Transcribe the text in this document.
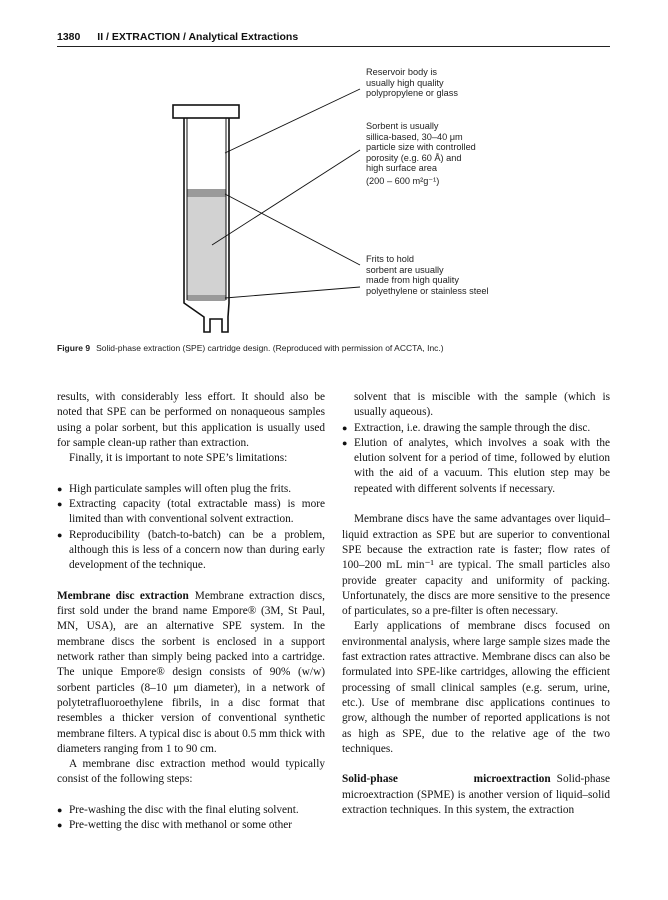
1380 II / EXTRACTION / Analytical Extractions
Reservoir body is
usually high quality
polypropylene or glass
Sorbent is usually
sillica-based, 30–40 μm
particle size with controlled
porosity (e.g. 60 Å) and
high surface area
(200 – 600 m²g⁻¹)
Frits to hold
sorbent are usually
made from high quality
polyethylene or stainless steel
Figure 9 Solid-phase extraction (SPE) cartridge design. (Reproduced with permission of ACCTA, Inc.)

results, with considerably less effort. It should also be noted that SPE can be performed on nonaqueous samples using a polar sorbent, but this application is usually used for sample clean-up rather than extraction.

Finally, it is important to note SPE’s limitations:

● High particulate samples will often plug the frits.

● Extracting capacity (total extractable mass) is more limited than with conventional solvent extraction.

● Reproducibility (batch-to-batch) can be a problem, although this is less of a concern now than during early development of the technique.

Membrane disc extraction Membrane extraction discs, first sold under the brand name Empore® (3M, St Paul, MN, USA), are an alternative SPE system. In the membrane discs the sorbent is enclosed in a support network rather than simply being packed into a cartridge. The unique Empore® design consists of 90% (w/w) sorbent particles (8–10 μm diameter), in a network of polytetrafluoroethylene fibrils, in a disc format that resembles a thicker version of conventional synthetic membrane filters. A typical disc is about 0.5 mm thick with diameters ranging from 1 to 90 cm.

A membrane disc extraction method would typically consist of the following steps:

● Pre-washing the disc with the final eluting solvent.

● Pre-wetting the disc with methanol or some other

solvent that is miscible with the sample (which is usually aqueous).

● Extraction, i.e. drawing the sample through the disc.

● Elution of analytes, which involves a soak with the elution solvent for a period of time, followed by elution with the aid of a vacuum. This elution step may be repeated with different solvents if necessary.

Membrane discs have the same advantages over liquid–liquid extraction as SPE but are superior to conventional SPE because the extraction rate is faster; flow rates of 100–200 mL min⁻¹ are typical. The small particles also provide greater capacity and uniformity of packing. Unfortunately, the discs are more sensitive to the presence of particulates, so a pre-filter is often necessary.

Early applications of membrane discs focused on environmental analysis, where large sample sizes made the fast extraction rates attractive. Membrane discs can also be formulated into SPE-like cartridges, allowing the efficient processing of small clinical samples (e.g. serum, urine, etc.). Use of membrane disc applications continues to grow, although the number of reported applications is not as high as SPE, due to the relative age of the two techniques.

Solid-phase microextraction Solid-phase microextraction (SPME) is another version of liquid–solid extraction techniques. In this system, the extraction
